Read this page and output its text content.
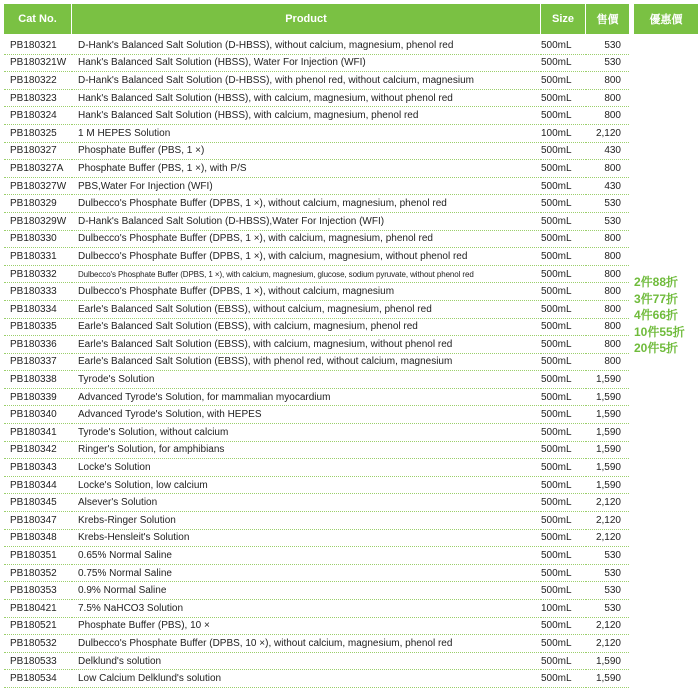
Cat No.	Product	Size	售價
PB180321	D-Hank's Balanced Salt Solution (D-HBSS), without calcium, magnesium, phenol red	500mL	530
PB180321W	Hank's Balanced Salt Solution (HBSS), Water For Injection (WFI)	500mL	530
PB180322	D-Hank's Balanced Salt Solution (D-HBSS), with phenol red, without calcium, magnesium	500mL	800
PB180323	Hank's Balanced Salt Solution (HBSS), with calcium, magnesium, without phenol red	500mL	800
PB180324	Hank's Balanced Salt Solution (HBSS), with calcium, magnesium, phenol red	500mL	800
PB180325	1 M HEPES Solution	100mL	2,120
PB180327	Phosphate Buffer (PBS, 1 ×)	500mL	430
PB180327A	Phosphate Buffer (PBS, 1 ×), with P/S	500mL	800
PB180327W	PBS,Water For Injection (WFI)	500mL	430
PB180329	Dulbecco's Phosphate Buffer (DPBS, 1 ×), without calcium, magnesium, phenol red	500mL	530
PB180329W	D-Hank's Balanced Salt Solution (D-HBSS),Water For Injection (WFI)	500mL	530
PB180330	Dulbecco's Phosphate Buffer (DPBS, 1 ×), with calcium, magnesium, phenol red	500mL	800
PB180331	Dulbecco's Phosphate Buffer (DPBS, 1 ×), with calcium, magnesium, without phenol red	500mL	800
PB180332	Dulbecco's Phosphate Buffer (DPBS, 1 ×), with calcium, magnesium, glucose, sodium pyruvate, without phenol red	500mL	800
PB180333	Dulbecco's Phosphate Buffer (DPBS, 1 ×), without calcium, magnesium	500mL	800
PB180334	Earle's Balanced Salt Solution (EBSS), without calcium, magnesium, phenol red	500mL	800
PB180335	Earle's Balanced Salt Solution (EBSS), with calcium, magnesium, phenol red	500mL	800
PB180336	Earle's Balanced Salt Solution (EBSS), with calcium, magnesium, without phenol red	500mL	800
PB180337	Earle's Balanced Salt Solution (EBSS), with phenol red, without calcium, magnesium	500mL	800
PB180338	Tyrode's Solution	500mL	1,590
PB180339	Advanced Tyrode's Solution, for mammalian myocardium	500mL	1,590
PB180340	Advanced Tyrode's Solution, with HEPES	500mL	1,590
PB180341	Tyrode's Solution, without calcium	500mL	1,590
PB180342	Ringer's Solution, for amphibians	500mL	1,590
PB180343	Locke's Solution	500mL	1,590
PB180344	Locke's Solution, low calcium	500mL	1,590
PB180345	Alsever's Solution	500mL	2,120
PB180347	Krebs-Ringer Solution	500mL	2,120
PB180348	Krebs-Hensleit's Solution	500mL	2,120
PB180351	0.65% Normal Saline	500mL	530
PB180352	0.75% Normal Saline	500mL	530
PB180353	0.9% Normal Saline	500mL	530
PB180421	7.5% NaHCO3 Solution	100mL	530
PB180521	Phosphate Buffer (PBS), 10 ×	500mL	2,120
PB180532	Dulbecco's Phosphate Buffer (DPBS, 10 ×), without calcium, magnesium, phenol red	500mL	2,120
PB180533	Delklund's solution	500mL	1,590
PB180534	Low Calcium Delklund's solution	500mL	1,590
優惠價
2件88折
3件77折
4件66折
10件55折
20件5折
